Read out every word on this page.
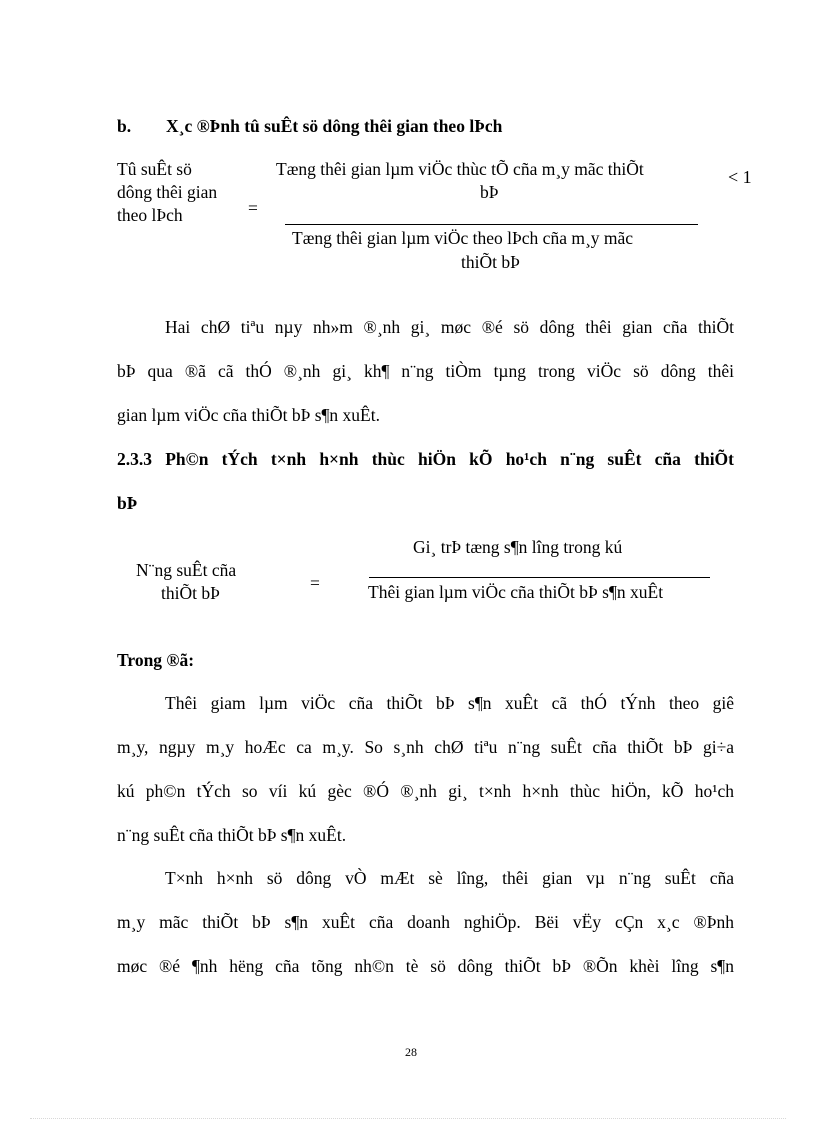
b. X¸c ®Þnh tû suÊt sö dông thêi gian theo lÞch
Tû suÊt sö
dông thêi gian
theo lÞch	=
Tæng thêi gian lµm viÖc thùc tÕ cña m¸y mãc thiÕt
bÞ
Tæng thêi gian lµm viÖc theo lÞch cña m¸y mãc
thiÕt bÞ
< 1
Hai chØ tiªu nµy nh»m ®¸nh gi¸ møc ®é sö dông thêi gian cña thiÕt
bÞ qua ®ã cã thÓ ®¸nh gi¸ kh¶ n¨ng tiÒm tµng trong viÖc sö dông thêi
gian lµm viÖc cña thiÕt bÞ s¶n xuÊt.
2.3.3 Ph©n tÝch t×nh h×nh thùc hiÖn kÕ ho¹ch n¨ng suÊt cña thiÕt
bÞ
N¨ng suÊt cña
thiÕt bÞ	=
Gi¸ trÞ tæng s¶n lîng trong kú
Thêi gian lµm viÖc cña thiÕt bÞ s¶n xuÊt
Trong ®ã:
Thêi giam lµm viÖc cña thiÕt bÞ s¶n xuÊt cã thÓ tÝnh theo giê
m¸y, ngµy m¸y hoÆc ca m¸y. So s¸nh chØ tiªu n¨ng suÊt cña thiÕt bÞ gi÷a
kú ph©n tÝch so víi kú gèc ®Ó ®¸nh gi¸ t×nh h×nh thùc hiÖn, kÕ ho¹ch
n¨ng suÊt cña thiÕt bÞ s¶n xuÊt.
T×nh h×nh sö dông vÒ mÆt sè lîng, thêi gian vµ n¨ng suÊt cña
m¸y mãc thiÕt bÞ s¶n xuÊt cña doanh nghiÖp. Bëi vËy cÇn x¸c ®Þnh
møc ®é ¶nh hëng cña tõng nh©n tè sö dông thiÕt bÞ ®Õn khèi lîng s¶n
28
